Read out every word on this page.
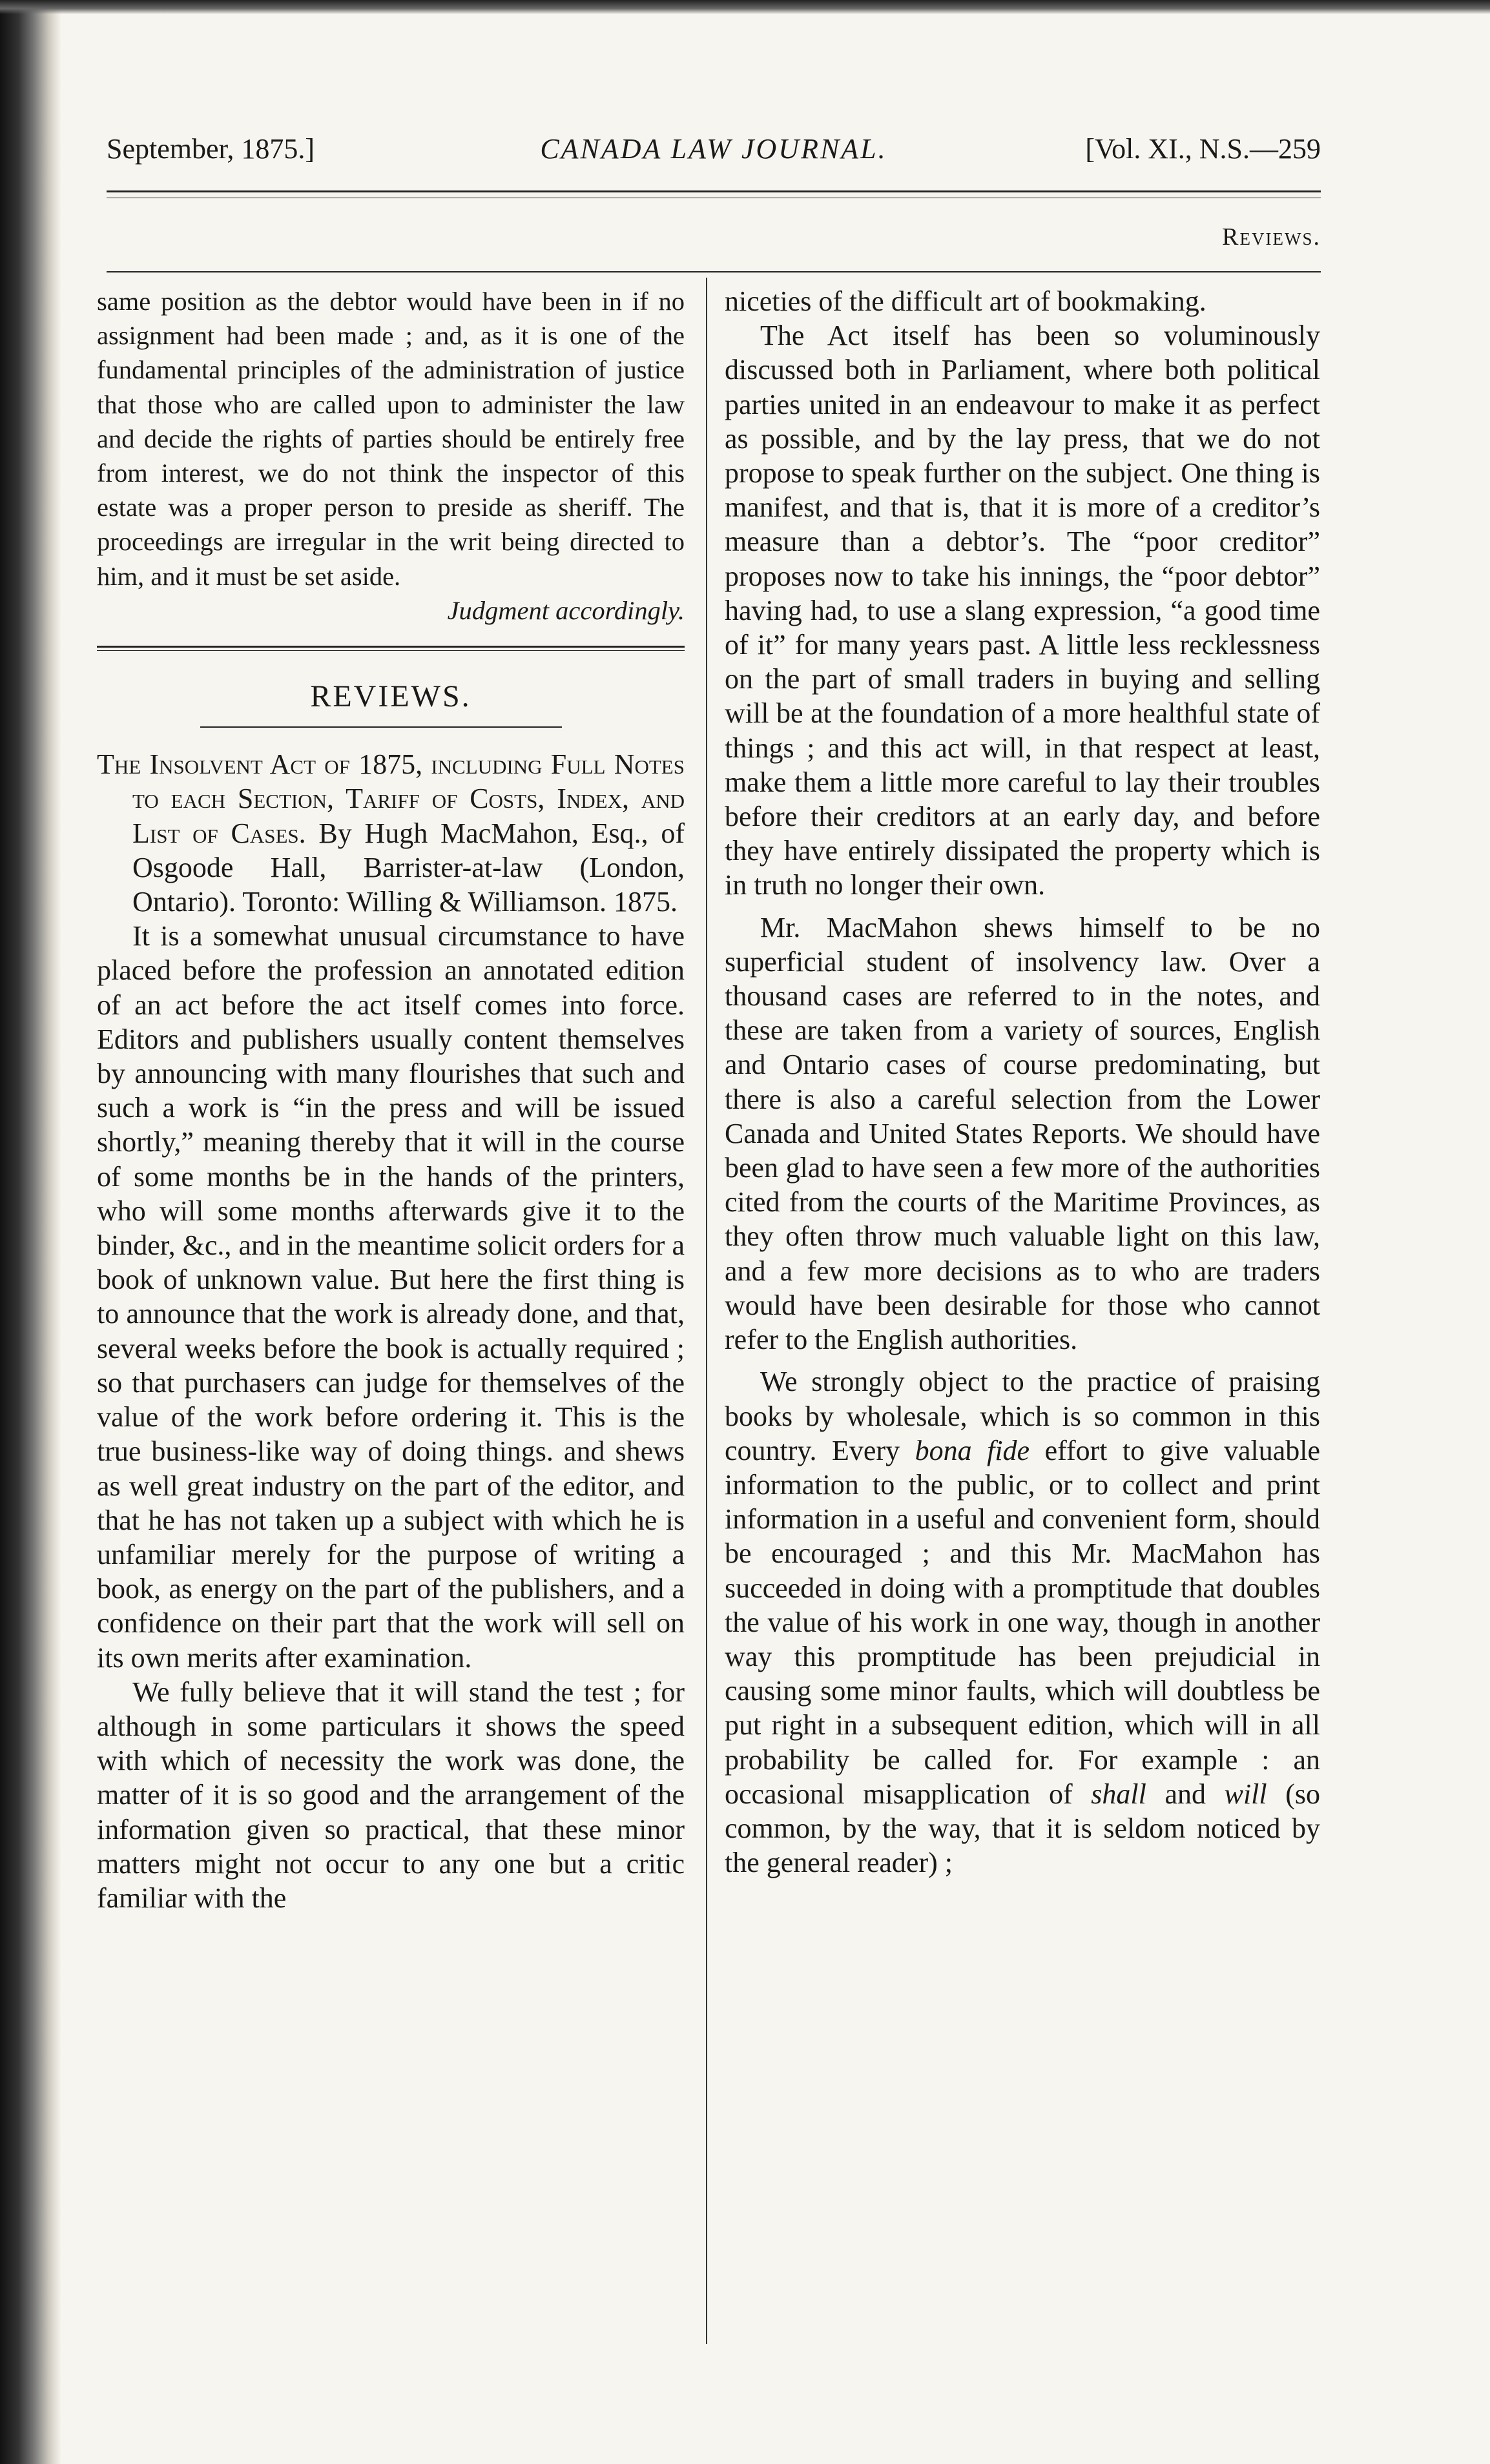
September, 1875.]	CANADA LAW JOURNAL.	[Vol. XI., N.S.—259
Reviews.

same position as the debtor would have been in if no assignment had been made ; and, as it is one of the fundamental principles of the administration of justice that those who are called upon to administer the law and decide the rights of parties should be entirely free from interest, we do not think the inspector of this estate was a proper person to preside as sheriff. The proceedings are irregular in the writ being directed to him, and it must be set aside.

Judgment accordingly.

REVIEWS.

The Insolvent Act of 1875, including Full Notes to each Section, Tariff of Costs, Index, and List of Cases. By Hugh MacMahon, Esq., of Osgoode Hall, Barrister-at-law (London, Ontario). Toronto: Willing & Williamson. 1875.

It is a somewhat unusual circumstance to have placed before the profession an annotated edition of an act before the act itself comes into force. Editors and publishers usually content themselves by announcing with many flourishes that such and such a work is “in the press and will be issued shortly,” meaning thereby that it will in the course of some months be in the hands of the printers, who will some months afterwards give it to the binder, &c., and in the meantime solicit orders for a book of unknown value. But here the first thing is to announce that the work is already done, and that, several weeks before the book is actually required ; so that purchasers can judge for themselves of the value of the work before ordering it. This is the true business-like way of doing things. and shews as well great industry on the part of the editor, and that he has not taken up a subject with which he is unfamiliar merely for the purpose of writing a book, as energy on the part of the publishers, and a confidence on their part that the work will sell on its own merits after examination.

We fully believe that it will stand the test ; for although in some particulars it shows the speed with which of necessity the work was done, the matter of it is so good and the arrangement of the information given so practical, that these minor matters might not occur to any one but a critic familiar with the

niceties of the difficult art of bookmaking.

The Act itself has been so voluminously discussed both in Parliament, where both political parties united in an endeavour to make it as perfect as possible, and by the lay press, that we do not propose to speak further on the subject. One thing is manifest, and that is, that it is more of a creditor’s measure than a debtor’s. The “poor creditor” proposes now to take his innings, the “poor debtor” having had, to use a slang expression, “a good time of it” for many years past. A little less recklessness on the part of small traders in buying and selling will be at the foundation of a more healthful state of things ; and this act will, in that respect at least, make them a little more careful to lay their troubles before their creditors at an early day, and before they have entirely dissipated the property which is in truth no longer their own.

Mr. MacMahon shews himself to be no superficial student of insolvency law. Over a thousand cases are referred to in the notes, and these are taken from a variety of sources, English and Ontario cases of course predominating, but there is also a careful selection from the Lower Canada and United States Reports. We should have been glad to have seen a few more of the authorities cited from the courts of the Maritime Provinces, as they often throw much valuable light on this law, and a few more decisions as to who are traders would have been desirable for those who cannot refer to the English authorities.

We strongly object to the practice of praising books by wholesale, which is so common in this country. Every bona fide effort to give valuable information to the public, or to collect and print information in a useful and convenient form, should be encouraged ; and this Mr. MacMahon has succeeded in doing with a promptitude that doubles the value of his work in one way, though in another way this promptitude has been prejudicial in causing some minor faults, which will doubtless be put right in a subsequent edition, which will in all probability be called for. For example : an occasional misapplication of shall and will (so common, by the way, that it is seldom noticed by the general reader) ;
